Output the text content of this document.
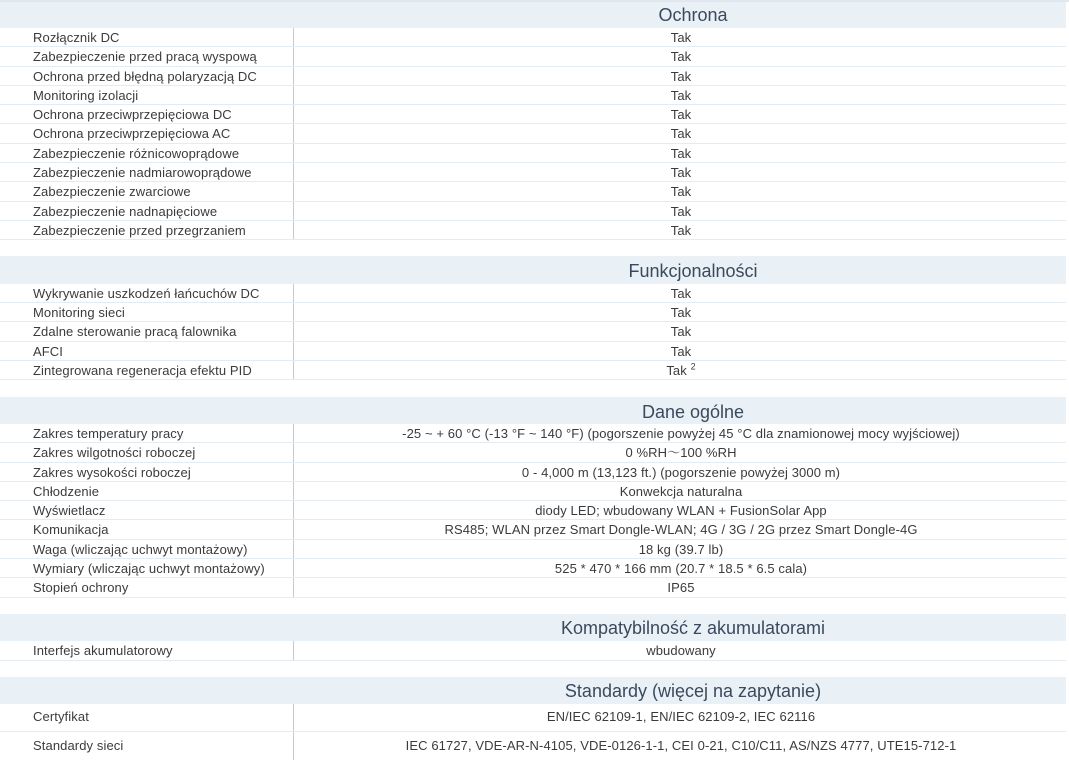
Ochrona
Rozłącznik DC	Tak
Zabezpieczenie przed pracą wyspową	Tak
Ochrona przed błędną polaryzacją DC	Tak
Monitoring izolacji	Tak
Ochrona przeciwprzepięciowa DC	Tak
Ochrona przeciwprzepięciowa AC	Tak
Zabezpieczenie różnicowoprądowe	Tak
Zabezpieczenie nadmiarowoprądowe	Tak
Zabezpieczenie zwarciowe	Tak
Zabezpieczenie nadnapięciowe	Tak
Zabezpieczenie przed przegrzaniem	Tak
Funkcjonalności
Wykrywanie uszkodzeń łańcuchów DC	Tak
Monitoring sieci	Tak
Zdalne sterowanie pracą falownika	Tak
AFCI	Tak
Zintegrowana regeneracja efektu PID	Tak $^2$
Dane ogólne
Zakres temperatury pracy	-25 ~ + 60 °C (-13 °F ~ 140 °F) (pogorszenie powyżej 45 °C dla znamionowej mocy wyjściowej)
Zakres wilgotności roboczej	0 %RH～100 %RH
Zakres wysokości roboczej	0 - 4,000 m (13,123 ft.) (pogorszenie powyżej 3000 m)
Chłodzenie	Konwekcja naturalna
Wyświetlacz	diody LED; wbudowany WLAN + FusionSolar App
Komunikacja	RS485; WLAN przez Smart Dongle-WLAN; 4G / 3G / 2G przez Smart Dongle-4G
Waga (wliczając uchwyt montażowy)	18 kg (39.7 lb)
Wymiary (wliczając uchwyt montażowy)	525 * 470 * 166 mm (20.7 * 18.5 * 6.5 cala)
Stopień ochrony	IP65
Kompatybilność z akumulatorami
Interfejs akumulatorowy	wbudowany
Standardy (więcej na zapytanie)
Certyfikat	EN/IEC 62109-1, EN/IEC 62109-2, IEC 62116
Standardy sieci	IEC 61727, VDE-AR-N-4105, VDE-0126-1-1, CEI 0-21, C10/C11, AS/NZS 4777, UTE15-712-1
